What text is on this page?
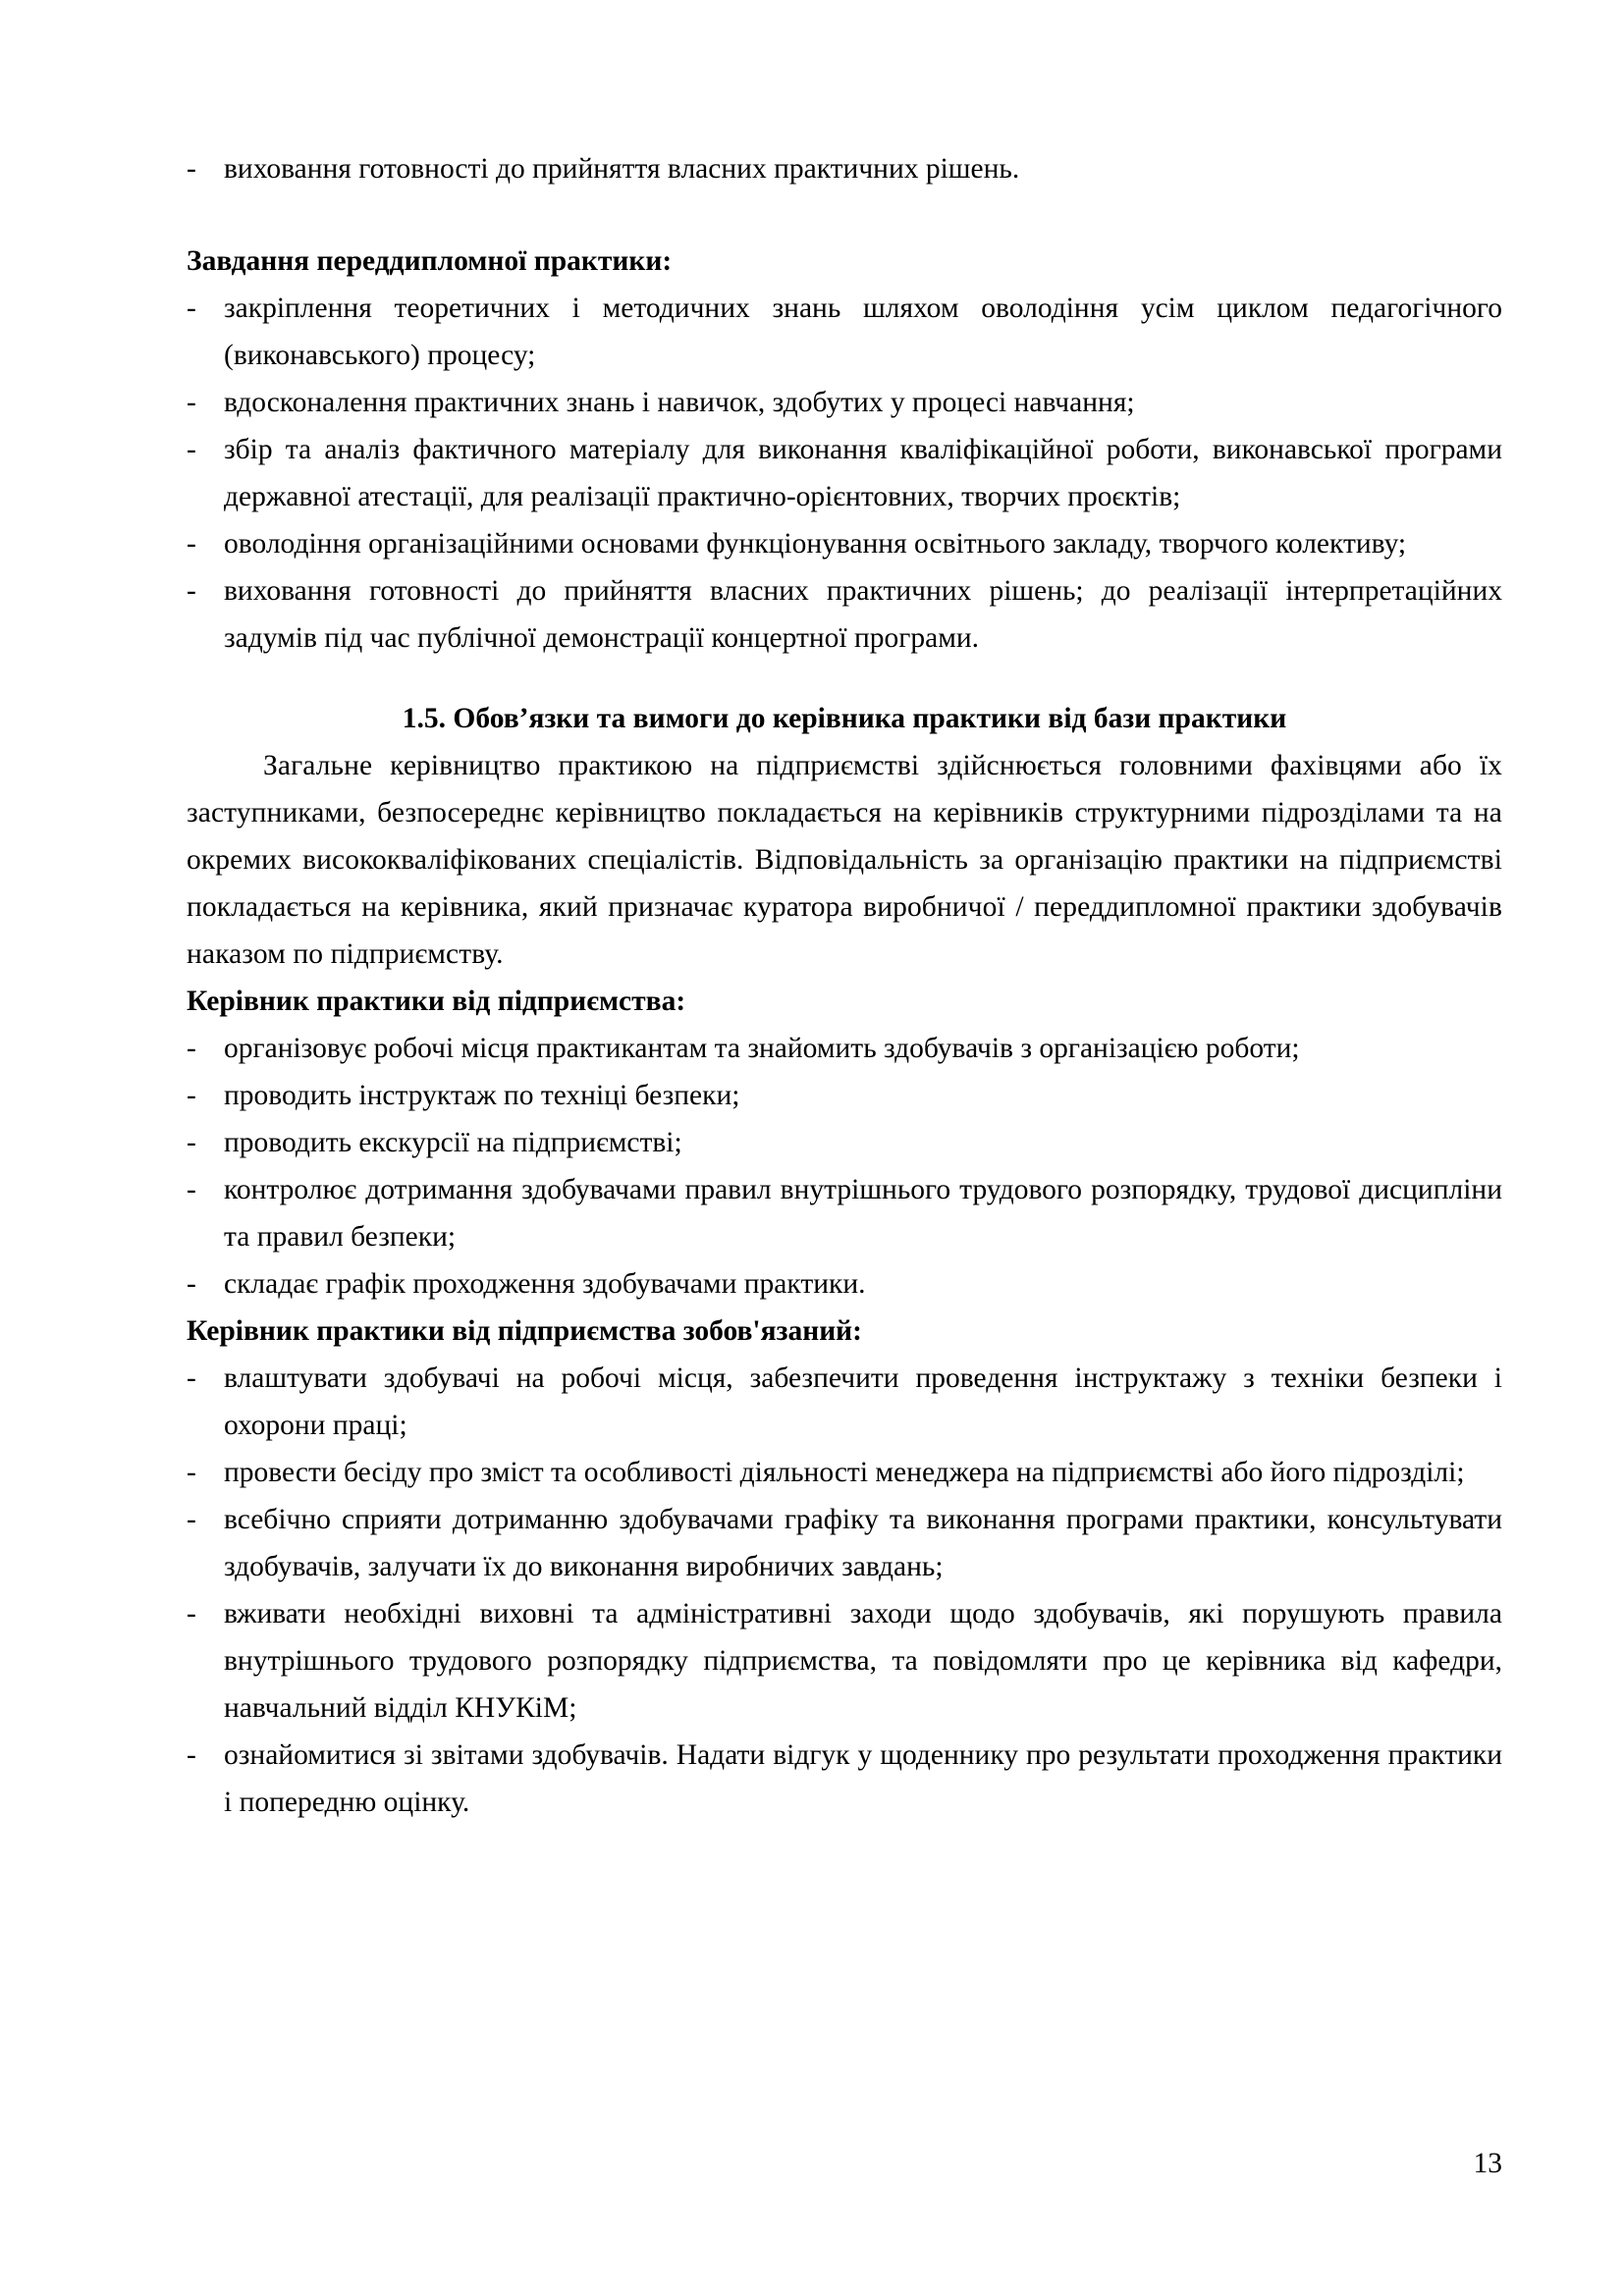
- виховання готовності до прийняття власних практичних рішень.

Завдання переддипломної практики:

- закріплення теоретичних і методичних знань шляхом оволодіння усім циклом педагогічного (виконавського) процесу;
- вдосконалення практичних знань і навичок, здобутих у процесі навчання;
- збір та аналіз фактичного матеріалу для виконання кваліфікаційної роботи, виконавської програми державної атестації, для реалізації практично-орієнтовних, творчих проєктів;
- оволодіння організаційними основами функціонування освітнього закладу, творчого колективу;
- виховання готовності до прийняття власних практичних рішень; до реалізації інтерпретаційних задумів під час публічної демонстрації концертної програми.

1.5. Обов’язки та вимоги до керівника практики від бази практики

Загальне керівництво практикою на підприємстві здійснюється головними фахівцями або їх заступниками, безпосереднє керівництво покладається на керівників структурними підрозділами та на окремих висококваліфікованих спеціалістів. Відповідальність за організацію практики на підприємстві покладається на керівника, який призначає куратора виробничої / переддипломної практики здобувачів наказом по підприємству.

Керівник практики від підприємства:

- організовує робочі місця практикантам та знайомить здобувачів з організацією роботи;
- проводить інструктаж по техніці безпеки;
- проводить екскурсії на підприємстві;
- контролює дотримання здобувачами правил внутрішнього трудового розпорядку, трудової дисципліни та правил безпеки;
- складає графік проходження здобувачами практики.

Керівник практики від підприємства зобов'язаний:

- влаштувати здобувачі на робочі місця, забезпечити проведення інструктажу з техніки безпеки і охорони праці;
- провести бесіду про зміст та особливості діяльності менеджера на підприємстві або його підрозділі;
- всебічно сприяти дотриманню здобувачами графіку та виконання програми практики, консультувати здобувачів, залучати їх до виконання виробничих завдань;
- вживати необхідні виховні та адміністративні заходи щодо здобувачів, які порушують правила внутрішнього трудового розпорядку підприємства, та повідомляти про це керівника від кафедри, навчальний відділ КНУКіМ;
- ознайомитися зі звітами здобувачів. Надати відгук у щоденнику про результати проходження практики і попередню оцінку.
13
